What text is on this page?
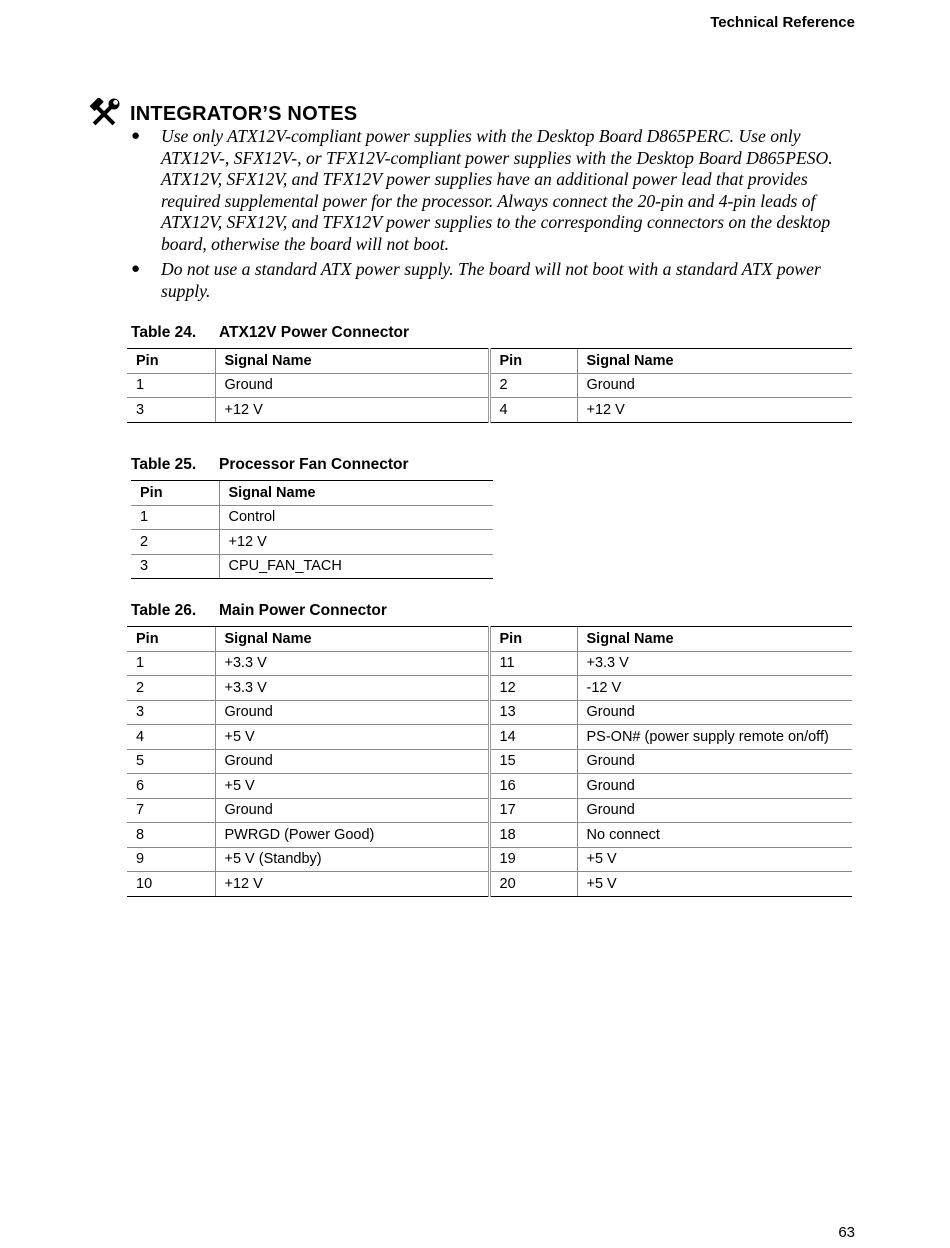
Technical Reference
INTEGRATOR’S NOTES
● Use only ATX12V-compliant power supplies with the Desktop Board D865PERC. Use only ATX12V-, SFX12V-, or TFX12V-compliant power supplies with the Desktop Board D865PESO. ATX12V, SFX12V, and TFX12V power supplies have an additional power lead that provides required supplemental power for the processor. Always connect the 20-pin and 4-pin leads of ATX12V, SFX12V, and TFX12V power supplies to the corresponding connectors on the desktop board, otherwise the board will not boot.
● Do not use a standard ATX power supply. The board will not boot with a standard ATX power supply.
Table 24. ATX12V Power Connector
Pin	Signal Name	Pin	Signal Name
1	Ground	2	Ground
3	+12 V	4	+12 V
Table 25. Processor Fan Connector
Pin	Signal Name
1	Control
2	+12 V
3	CPU_FAN_TACH
Table 26. Main Power Connector
Pin	Signal Name	Pin	Signal Name
1	+3.3 V	11	+3.3 V
2	+3.3 V	12	-12 V
3	Ground	13	Ground
4	+5 V	14	PS-ON# (power supply remote on/off)
5	Ground	15	Ground
6	+5 V	16	Ground
7	Ground	17	Ground
8	PWRGD (Power Good)	18	No connect
9	+5 V (Standby)	19	+5 V
10	+12 V	20	+5 V
63
